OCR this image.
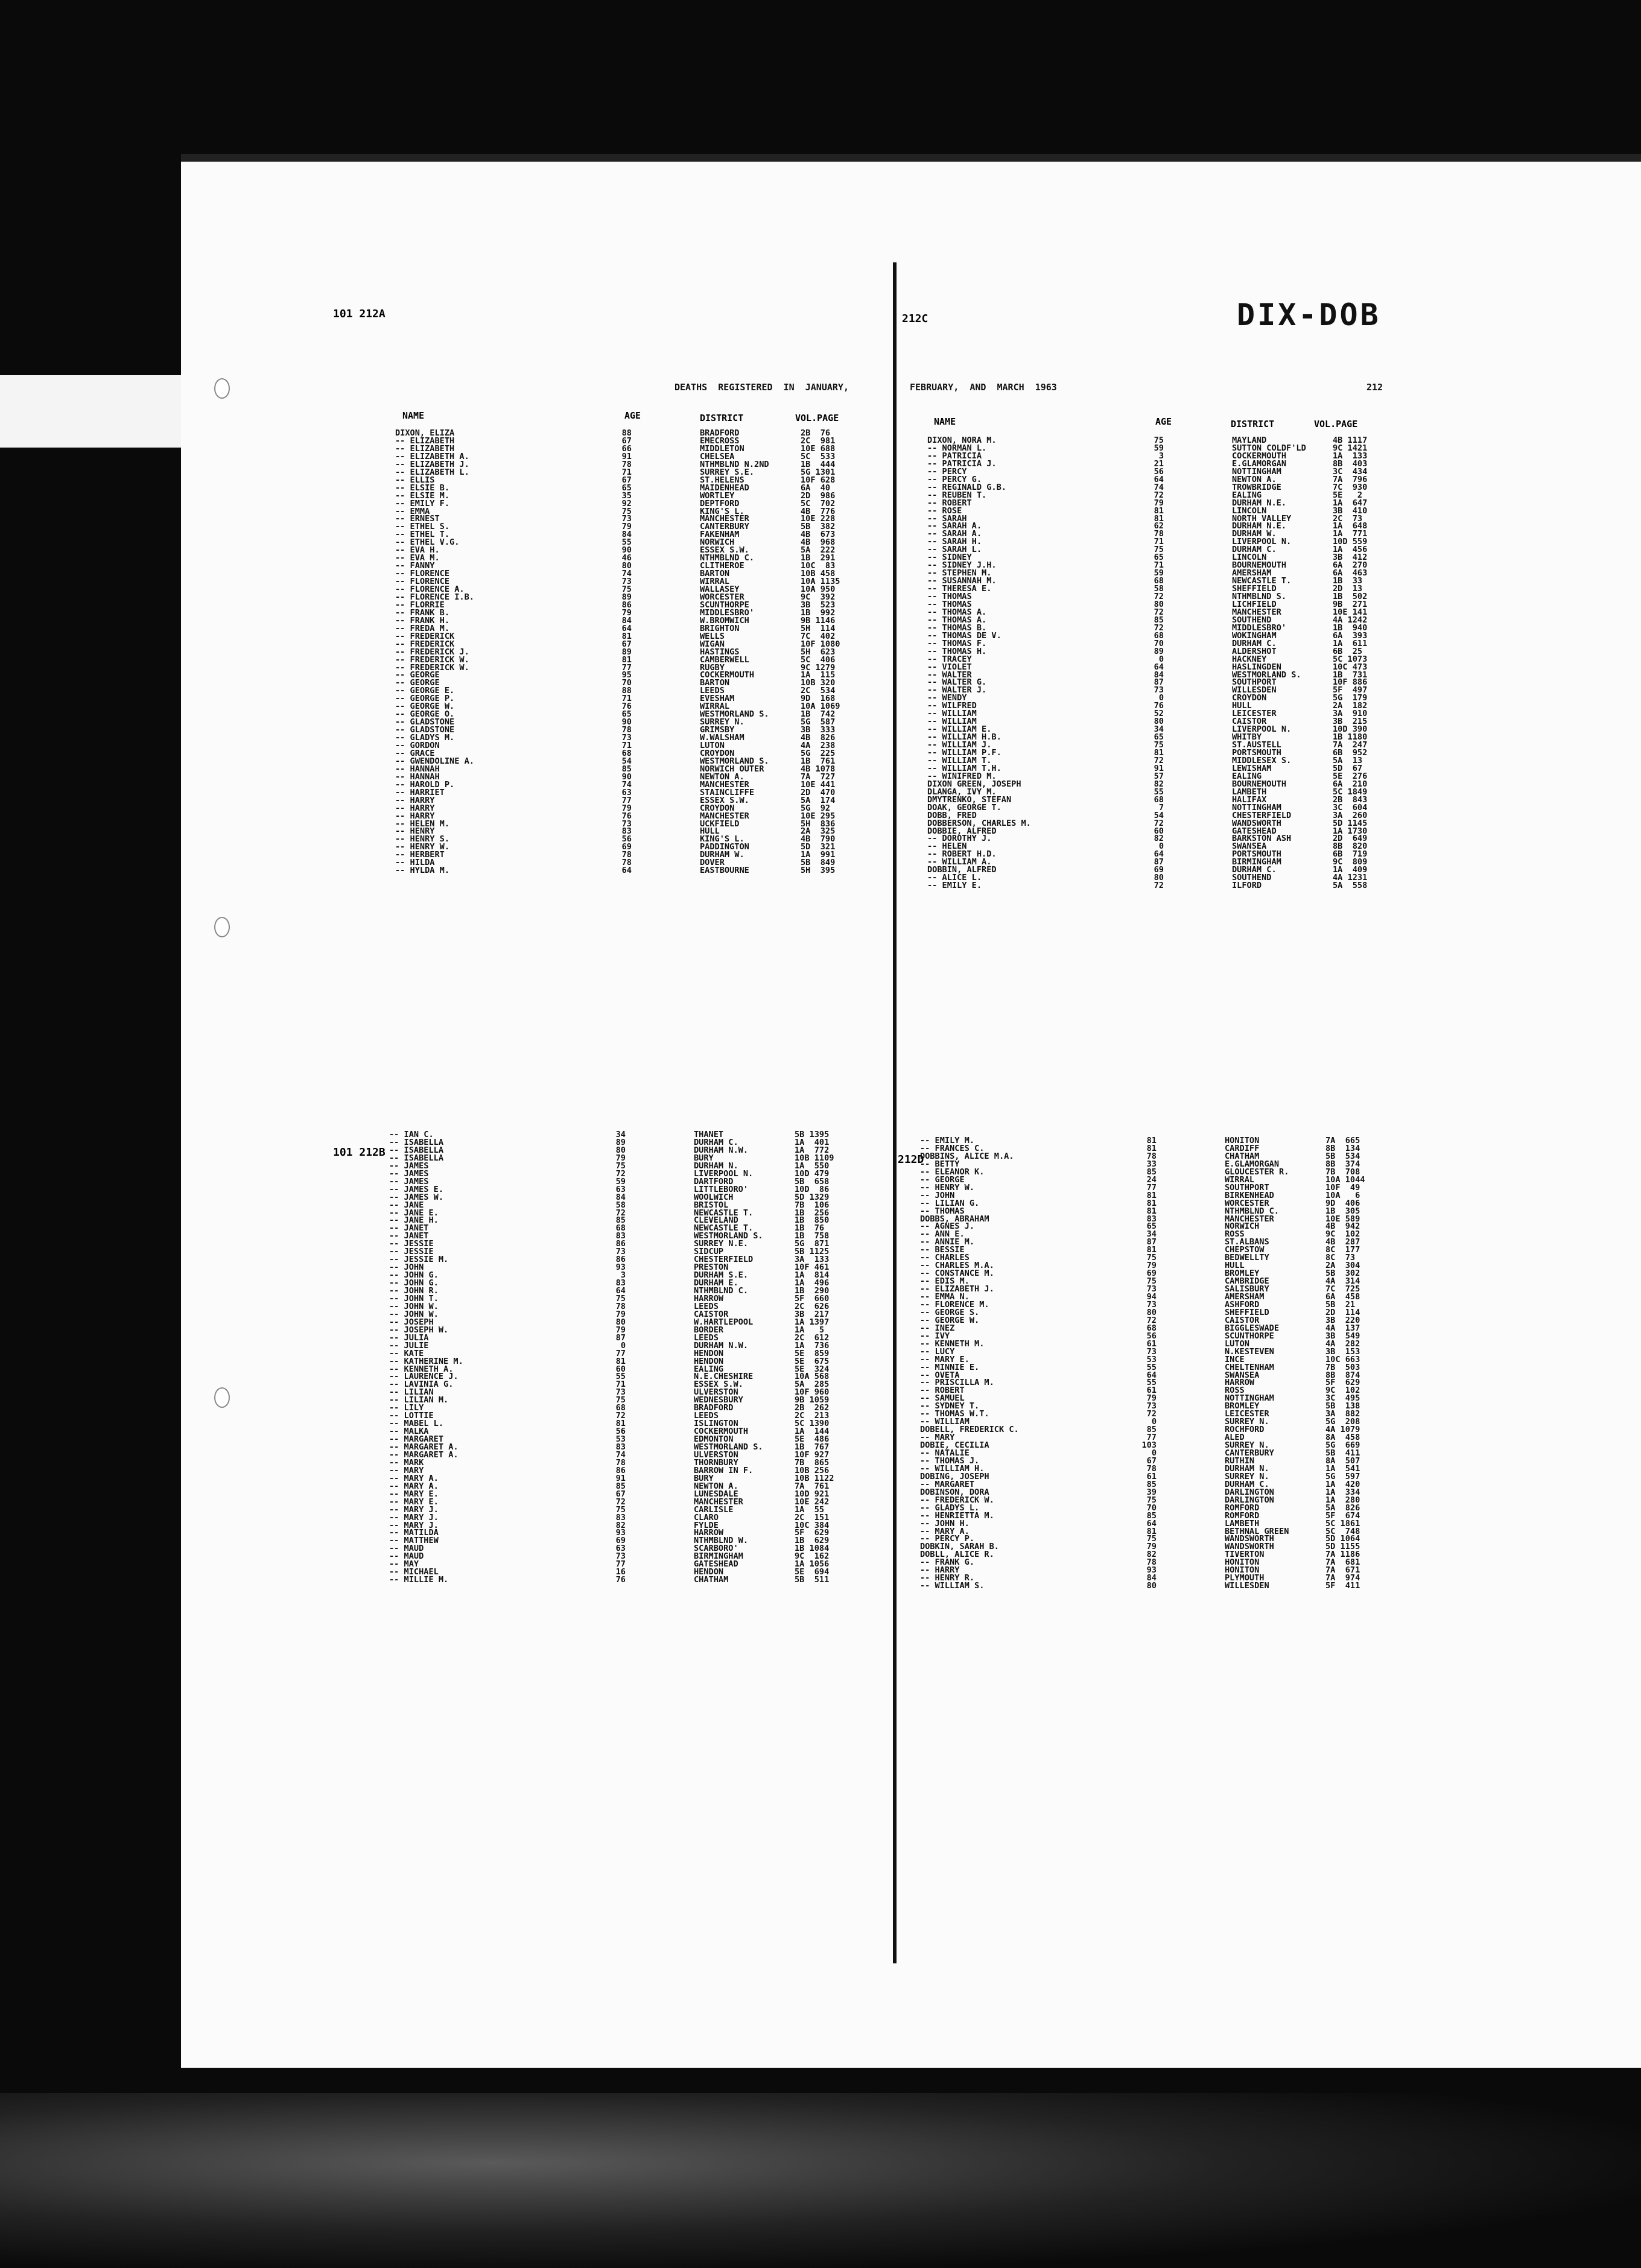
DIX-DOB
DEATHS  REGISTERED  IN  JANUARY,	FEBRUARY,  AND  MARCH  1963	212
101 212A	212C
101 212B
212D
NAME	AGE	DISTRICT	VOL.PAGE	NAME	AGE	DISTRICT	VOL.PAGE
DIXON, ELIZA	88	BRADFORD	2B  76
-- ELIZABETH	67	EMECROSS	2C  981
-- ELIZABETH	66	MIDDLETON	10E 688
-- ELIZABETH A.	91	CHELSEA	5C  533
-- ELIZABETH J.	78	NTHMBLND N.2ND	1B  444
-- ELIZABETH L.	71	SURREY S.E.	5G 1301
-- ELLIS	67	ST.HELENS	10F 628
-- ELSIE B.	65	MAIDENHEAD	6A  40
-- ELSIE M.	35	WORTLEY	2D  986
-- EMILY F.	92	DEPTFORD	5C  702
-- EMMA	75	KING'S L.	4B  776
-- ERNEST	73	MANCHESTER	10E 228
-- ETHEL S.	79	CANTERBURY	5B  382
-- ETHEL T.	84	FAKENHAM	4B  673
-- ETHEL V.G.	55	NORWICH	4B  968
-- EVA H.	90	ESSEX S.W.	5A  222
-- EVA M.	46	NTHMBLND C.	1B  291
-- FANNY	80	CLITHEROE	10C  83
-- FLORENCE	74	BARTON	10B 458
-- FLORENCE	73	WIRRAL	10A 1135
-- FLORENCE A.	75	WALLASEY	10A 950
-- FLORENCE I.B.	89	WORCESTER	9C  392
-- FLORRIE	86	SCUNTHORPE	3B  523
-- FRANK B.	79	MIDDLESBRO'	1B  992
-- FRANK H.	84	W.BROMWICH	9B 1146
-- FREDA M.	64	BRIGHTON	5H  114
-- FREDERICK	81	WELLS	7C  402
-- FREDERICK	67	WIGAN	10F 1080
-- FREDERICK J.	89	HASTINGS	5H  623
-- FREDERICK W.	81	CAMBERWELL	5C  406
-- FREDERICK W.	77	RUGBY	9C 1279
-- GEORGE	95	COCKERMOUTH	1A  115
-- GEORGE	70	BARTON	10B 320
-- GEORGE E.	88	LEEDS	2C  534
-- GEORGE P.	71	EVESHAM	9D  168
-- GEORGE W.	76	WIRRAL	10A 1069
-- GEORGE O.	65	WESTMORLAND S.	1B  742
-- GLADSTONE	90	SURREY N.	5G  587
-- GLADSTONE	78	GRIMSBY	3B  333
-- GLADYS M.	73	W.WALSHAM	4B  826
-- GORDON	71	LUTON	4A  238
-- GRACE	68	CROYDON	5G  225
-- GWENDOLINE A.	54	WESTMORLAND S.	1B  761
-- HANNAH	85	NORWICH OUTER	4B 1078
-- HANNAH	90	NEWTON A.	7A  727
-- HAROLD P.	74	MANCHESTER	10E 441
-- HARRIET	63	STAINCLIFFE	2D  470
-- HARRY	77	ESSEX S.W.	5A  174
-- HARRY	79	CROYDON	5G  92
-- HARRY	76	MANCHESTER	10E 295
-- HELEN M.	73	UCKFIELD	5H  836
-- HENRY	83	HULL	2A  325
-- HENRY S.	56	KING'S L.	4B  790
-- HENRY W.	69	PADDINGTON	5D  321
-- HERBERT	78	DURHAM W.	1A  991
-- HILDA	78	DOVER	5B  849
-- HYLDA M.	64	EASTBOURNE	5H  395
DIXON, NORA M.	75	MAYLAND	4B 1117
-- NORMAN L.	59	SUTTON COLDF'LD	9C 1421
-- PATRICIA	3	COCKERMOUTH	1A  133
-- PATRICIA J.	21	E.GLAMORGAN	8B  403
-- PERCY	56	NOTTINGHAM	3C  434
-- PERCY G.	64	NEWTON A.	7A  796
-- REGINALD G.B.	74	TROWBRIDGE	7C  930
-- REUBEN T.	72	EALING	5E   2
-- ROBERT	79	DURHAM N.E.	1A  647
-- ROSE	81	LINCOLN	3B  410
-- SARAH	81	NORTH VALLEY	2C  73
-- SARAH A.	62	DURHAM N.E.	1A  648
-- SARAH A.	78	DURHAM W.	1A  771
-- SARAH H.	71	LIVERPOOL N.	10D 559
-- SARAH L.	75	DURHAM C.	1A  456
-- SIDNEY	65	LINCOLN	3B  412
-- SIDNEY J.H.	71	BOURNEMOUTH	6A  270
-- STEPHEN M.	59	AMERSHAM	6A  463
-- SUSANNAH M.	68	NEWCASTLE T.	1B  33
-- THERESA E.	58	SHEFFIELD	2D  13
-- THOMAS	72	NTHMBLND S.	1B  502
-- THOMAS	80	LICHFIELD	9B  271
-- THOMAS A.	72	MANCHESTER	10E 141
-- THOMAS A.	85	SOUTHEND	4A 1242
-- THOMAS B.	72	MIDDLESBRO'	1B  940
-- THOMAS DE V.	68	WOKINGHAM	6A  393
-- THOMAS F.	70	DURHAM C.	1A  611
-- THOMAS H.	89	ALDERSHOT	6B  25
-- TRACEY	0	HACKNEY	5C 1073
-- VIOLET	64	HASLINGDEN	10C 473
-- WALTER	84	WESTMORLAND S.	1B  731
-- WALTER G.	87	SOUTHPORT	10F 886
-- WALTER J.	73	WILLESDEN	5F  497
-- WENDY	0	CROYDON	5G  179
-- WILFRED	76	HULL	2A  182
-- WILLIAM	52	LEICESTER	3A  910
-- WILLIAM	80	CAISTOR	3B  215
-- WILLIAM E.	34	LIVERPOOL N.	10D 390
-- WILLIAM H.B.	65	WHITBY	1B 1180
-- WILLIAM J.	75	ST.AUSTELL	7A  247
-- WILLIAM P.F.	81	PORTSMOUTH	6B  952
-- WILLIAM T.	72	MIDDLESEX S.	5A  13
-- WILLIAM T.H.	91	LEWISHAM	5D  67
-- WINIFRED M.	57	EALING	5E  276
DIXON GREEN, JOSEPH	82	BOURNEMOUTH	6A  210
DLANGA, IVY M.	55	LAMBETH	5C 1849
DMYTRENKO, STEFAN	68	HALIFAX	2B  843
DOAK, GEORGE T.	7	NOTTINGHAM	3C  604
DOBB, FRED	54	CHESTERFIELD	3A  260
DOBBERSON, CHARLES M.	72	WANDSWORTH	5D 1145
DOBBIE, ALFRED	60	GATESHEAD	1A 1730
-- DOROTHY J.	82	BARKSTON ASH	2D  649
-- HELEN	0	SWANSEA	8B  820
-- ROBERT H.D.	64	PORTSMOUTH	6B  719
-- WILLIAM A.	87	BIRMINGHAM	9C  809
DOBBIN, ALFRED	69	DURHAM C.	1A  409
-- ALICE L.	80	SOUTHEND	4A 1231
-- EMILY E.	72	ILFORD	5A  558
-- IAN C.	34	THANET	5B 1395
-- ISABELLA	89	DURHAM C.	1A  401
-- ISABELLA	80	DURHAM N.W.	1A  772
-- ISABELLA	79	BURY	10B 1109
-- JAMES	75	DURHAM N.	1A  550
-- JAMES	72	LIVERPOOL N.	10D 479
-- JAMES	59	DARTFORD	5B  658
-- JAMES E.	63	LITTLEBORO'	10D  86
-- JAMES W.	84	WOOLWICH	5D 1329
-- JANE	58	BRISTOL	7B  106
-- JANE E.	72	NEWCASTLE T.	1B  256
-- JANE H.	85	CLEVELAND	1B  850
-- JANET	68	NEWCASTLE T.	1B  76
-- JANET	83	WESTMORLAND S.	1B  758
-- JESSIE	86	SURREY N.E.	5G  871
-- JESSIE	73	SIDCUP	5B 1125
-- JESSIE M.	86	CHESTERFIELD	3A  133
-- JOHN	93	PRESTON	10F 461
-- JOHN G.	3	DURHAM S.E.	1A  814
-- JOHN G.	83	DURHAM E.	1A  496
-- JOHN R.	64	NTHMBLND C.	1B  290
-- JOHN T.	75	HARROW	5F  660
-- JOHN W.	78	LEEDS	2C  626
-- JOHN W.	79	CAISTOR	3B  217
-- JOSEPH	80	W.HARTLEPOOL	1A 1397
-- JOSEPH W.	79	BORDER	1A   5
-- JULIA	87	LEEDS	2C  612
-- JULIE	0	DURHAM N.W.	1A  736
-- KATE	77	HENDON	5E  859
-- KATHERINE M.	81	HENDON	5E  675
-- KENNETH A.	60	EALING	5E  324
-- LAURENCE J.	55	N.E.CHESHIRE	10A 568
-- LAVINIA G.	71	ESSEX S.W.	5A  285
-- LILIAN	73	ULVERSTON	10F 960
-- LILIAN M.	75	WEDNESBURY	9B 1059
-- LILY	68	BRADFORD	2B  262
-- LOTTIE	72	LEEDS	2C  213
-- MABEL L.	81	ISLINGTON	5C 1390
-- MALKA	56	COCKERMOUTH	1A  144
-- MARGARET	53	EDMONTON	5E  486
-- MARGARET A.	83	WESTMORLAND S.	1B  767
-- MARGARET A.	74	ULVERSTON	10F 927
-- MARK	78	THORNBURY	7B  865
-- MARY	86	BARROW IN F.	10B 256
-- MARY A.	91	BURY	10B 1122
-- MARY A.	85	NEWTON A.	7A  761
-- MARY E.	67	LUNESDALE	10D 921
-- MARY E.	72	MANCHESTER	10E 242
-- MARY J.	75	CARLISLE	1A  55
-- MARY J.	83	CLARO	2C  151
-- MARY J.	82	FYLDE	10C 384
-- MATILDA	93	HARROW	5F  629
-- MATTHEW	69	NTHMBLND W.	1B  629
-- MAUD	63	SCARBORO'	1B 1084
-- MAUD	73	BIRMINGHAM	9C  162
-- MAY	77	GATESHEAD	1A 1056
-- MICHAEL	16	HENDON	5E  694
-- MILLIE M.	76	CHATHAM	5B  511
-- EMILY M.	81	HONITON	7A  665
-- FRANCES C.	81	CARDIFF	8B  134
DOBBINS, ALICE M.A.	78	CHATHAM	5B  534
-- BETTY	33	E.GLAMORGAN	8B  374
-- ELEANOR K.	85	GLOUCESTER R.	7B  708
-- GEORGE	24	WIRRAL	10A 1044
-- HENRY W.	77	SOUTHPORT	10F  49
-- JOHN	81	BIRKENHEAD	10A   6
-- LILIAN G.	81	WORCESTER	9D  406
-- THOMAS	81	NTHMBLND C.	1B  305
DOBBS, ABRAHAM	83	MANCHESTER	10E 589
-- AGNES J.	65	NORWICH	4B  942
-- ANN E.	34	ROSS	9C  102
-- ANNIE M.	87	ST.ALBANS	4B  287
-- BESSIE	81	CHEPSTOW	8C  177
-- CHARLES	75	BEDWELLTY	8C  73
-- CHARLES M.A.	79	HULL	2A  304
-- CONSTANCE M.	69	BROMLEY	5B  302
-- EDIS M.	75	CAMBRIDGE	4A  314
-- ELIZABETH J.	73	SALISBURY	7C  725
-- EMMA N.	94	AMERSHAM	6A  458
-- FLORENCE M.	73	ASHFORD	5B  21
-- GEORGE S.	80	SHEFFIELD	2D  114
-- GEORGE W.	72	CAISTOR	3B  220
-- INEZ	68	BIGGLESWADE	4A  137
-- IVY	56	SCUNTHORPE	3B  549
-- KENNETH M.	61	LUTON	4A  282
-- LUCY	73	N.KESTEVEN	3B  153
-- MARY E.	53	INCE	10C 663
-- MINNIE E.	55	CHELTENHAM	7B  503
-- OVETA	64	SWANSEA	8B  874
-- PRISCILLA M.	55	HARROW	5F  629
-- ROBERT	61	ROSS	9C  102
-- SAMUEL	79	NOTTINGHAM	3C  495
-- SYDNEY T.	73	BROMLEY	5B  138
-- THOMAS W.T.	72	LEICESTER	3A  882
-- WILLIAM	0	SURREY N.	5G  208
DOBELL, FREDERICK C.	85	ROCHFORD	4A 1079
-- MARY	77	ALED	8A  458
DOBIE, CECILIA	103	SURREY N.	5G  669
-- NATALIE	0	CANTERBURY	5B  411
-- THOMAS J.	67	RUTHIN	8A  507
-- WILLIAM H.	78	DURHAM N.	1A  541
DOBING, JOSEPH	61	SURREY N.	5G  597
-- MARGARET	85	DURHAM C.	1A  420
DOBINSON, DORA	39	DARLINGTON	1A  334
-- FREDERICK W.	75	DARLINGTON	1A  280
-- GLADYS L.	70	ROMFORD	5A  826
-- HENRIETTA M.	85	ROMFORD	5F  674
-- JOHN H.	64	LAMBETH	5C 1861
-- MARY A.	81	BETHNAL GREEN	5C  748
-- PERCY P.	75	WANDSWORTH	5D 1064
DOBKIN, SARAH B.	79	WANDSWORTH	5D 1155
DOBLL, ALICE R.	82	TIVERTON	7A 1186
-- FRANK G.	78	HONITON	7A  681
-- HARRY	93	HONITON	7A  671
-- HENRY R.	84	PLYMOUTH	7A  974
-- WILLIAM S.	80	WILLESDEN	5F  411
